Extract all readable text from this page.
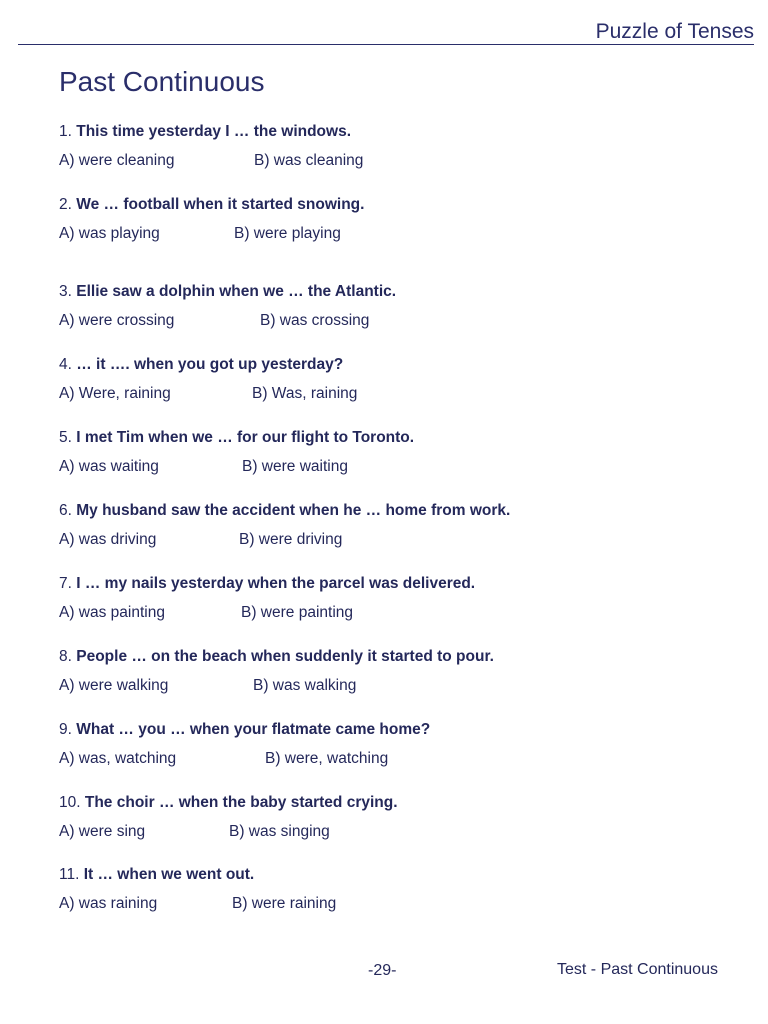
Puzzle of Tenses
Past Continuous
1. This time yesterday I … the windows.
A) were cleaning	B) was cleaning
2. We … football when it started snowing.
A) was playing	B) were playing
3. Ellie saw a dolphin when we … the Atlantic.
A) were crossing	B) was crossing
4. … it …. when you got up yesterday?
A) Were, raining	B) Was, raining
5. I met Tim when we … for our flight to Toronto.
A) was waiting	B) were waiting
6. My husband saw the accident when he … home from work.
A) was driving	B) were driving
7. I … my nails yesterday when the parcel was delivered.
A) was painting	B) were painting
8. People … on the beach when suddenly it started to pour.
A) were walking	B) was walking
9. What … you … when your flatmate came home?
A) was, watching	B) were, watching
10. The choir … when the baby started crying.
A) were sing	B) was singing
11. It … when we went out.
A) was raining	B) were raining
-29-	Test - Past Continuous
